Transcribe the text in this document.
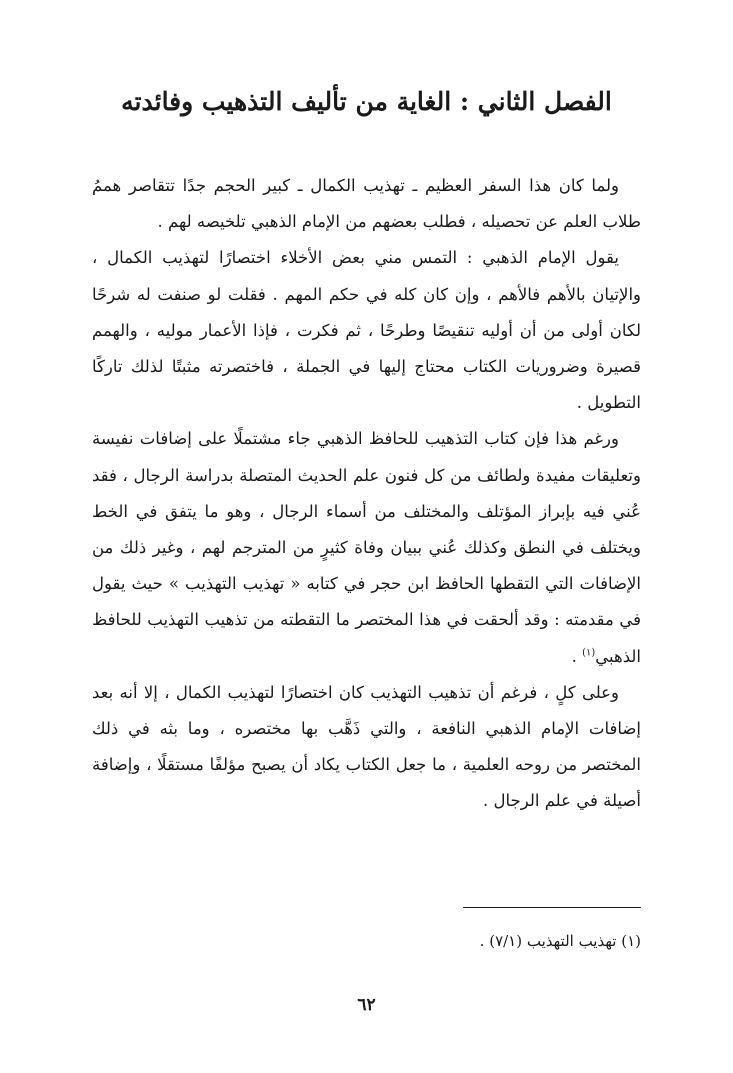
الفصل الثاني : الغاية من تأليف التذهيب وفائدته

ولما كان هذا السفر العظيم ـ تهذيب الكمال ـ كبير الحجم جدًا تتقاصر هممُ طلاب العلم عن تحصيله ، فطلب بعضهم من الإمام الذهبي تلخيصه لهم .

يقول الإمام الذهبي : التمس مني بعض الأخلاء اختصارًا لتهذيب الكمال ، والإتيان بالأهم فالأهم ، وإن كان كله في حكم المهم . فقلت لو صنفت له شرحًا لكان أولى من أن أوليه تنقيصًا وطرحًا ، ثم فكرت ، فإذا الأعمار موليه ، والهمم قصيرة وضروريات الكتاب محتاج إليها في الجملة ، فاختصرته مثبتًا لذلك تاركًا التطويل .

ورغم هذا فإن كتاب التذهيب للحافظ الذهبي جاء مشتملًا على إضافات نفيسة وتعليقات مفيدة ولطائف من كل فنون علم الحديث المتصلة بدراسة الرجال ، فقد عُني فيه بإبراز المؤتلف والمختلف من أسماء الرجال ، وهو ما يتفق في الخط ويختلف في النطق وكذلك عُني ببيان وفاة كثيرٍ من المترجم لهم ، وغير ذلك من الإضافات التي التقطها الحافظ ابن حجر في كتابه « تهذيب التهذيب » حيث يقول في مقدمته : وقد ألحقت في هذا المختصر ما التقطته من تذهيب التهذيب للحافظ الذهبي$^{(١)}$ .

وعلى كلٍ ، فرغم أن تذهيب التهذيب كان اختصارًا لتهذيب الكمال ، إلا أنه بعد إضافات الإمام الذهبي النافعة ، والتي ذَهَّب بها مختصره ، وما بثه في ذلك المختصر من روحه العلمية ، ما جعل الكتاب يكاد أن يصبح مؤلفًا مستقلًا ، وإضافة أصيلة في علم الرجال .

(١) تهذيب التهذيب (٧/١) .

٦٢
